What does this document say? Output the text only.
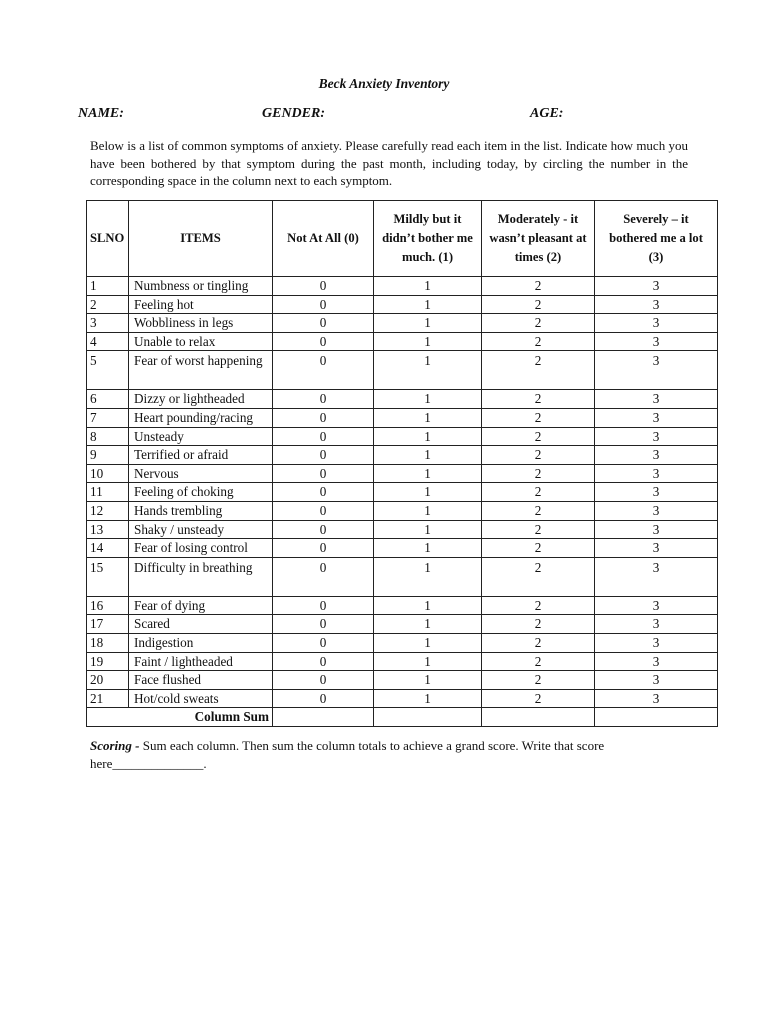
Beck Anxiety Inventory
NAME:	GENDER:	AGE:
Below is a list of common symptoms of anxiety. Please carefully read each item in the list. Indicate how much you have been bothered by that symptom during the past month, including today, by circling the number in the corresponding space in the column next to each symptom.
SLNO	ITEMS	Not At All (0)	Mildly but it didn’t bother me much. (1)	Moderately - it wasn’t pleasant at times (2)	Severely – it bothered me a lot (3)
1	Numbness or tingling	0	1	2	3
2	Feeling hot	0	1	2	3
3	Wobbliness in legs	0	1	2	3
4	Unable to relax	0	1	2	3
5	Fear of worst happening	0	1	2	3
6	Dizzy or lightheaded	0	1	2	3
7	Heart pounding/racing	0	1	2	3
8	Unsteady	0	1	2	3
9	Terrified or afraid	0	1	2	3
10	Nervous	0	1	2	3
11	Feeling of choking	0	1	2	3
12	Hands trembling	0	1	2	3
13	Shaky / unsteady	0	1	2	3
14	Fear of losing control	0	1	2	3
15	Difficulty in breathing	0	1	2	3
16	Fear of dying	0	1	2	3
17	Scared	0	1	2	3
18	Indigestion	0	1	2	3
19	Faint / lightheaded	0	1	2	3
20	Face flushed	0	1	2	3
21	Hot/cold sweats	0	1	2	3
Column Sum					
Scoring - Sum each column. Then sum the column totals to achieve a grand score. Write that score here______________.
